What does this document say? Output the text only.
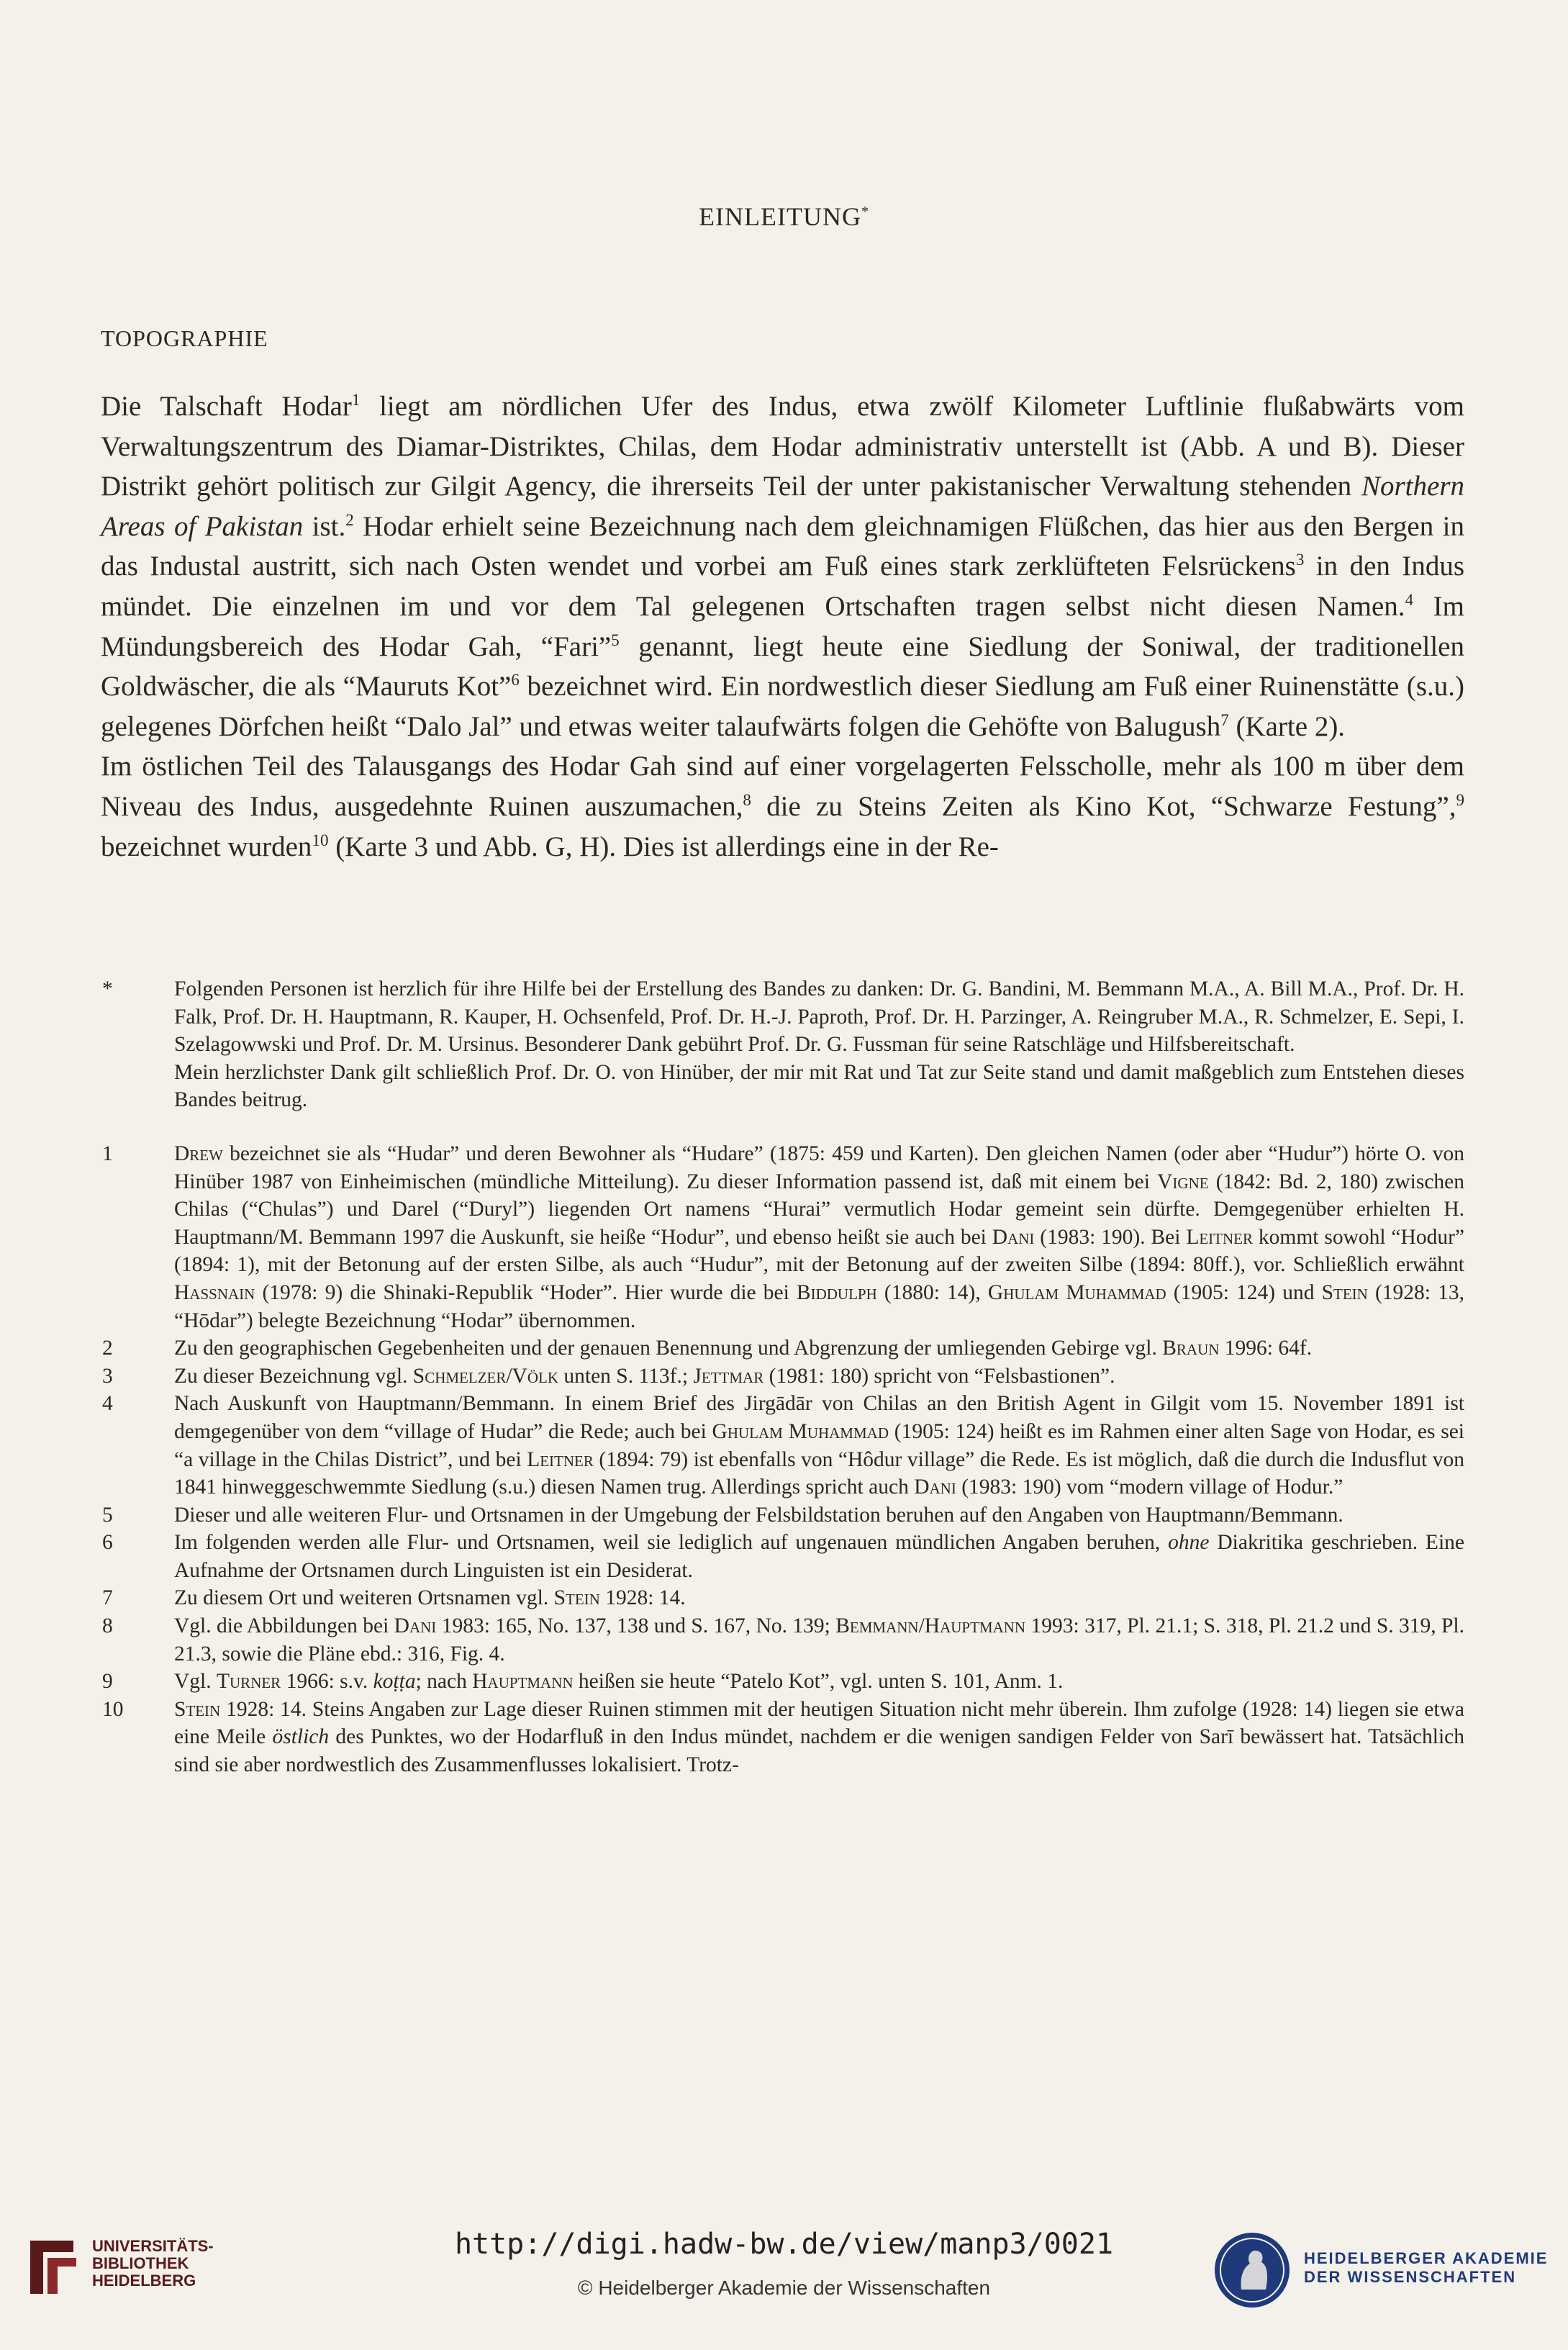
EINLEITUNG*
TOPOGRAPHIE

Die Talschaft Hodar$^1$ liegt am nördlichen Ufer des Indus, etwa zwölf Kilometer Luftlinie flußabwärts vom Verwaltungszentrum des Diamar-Distriktes, Chilas, dem Hodar administrativ unterstellt ist (Abb. A und B). Dieser Distrikt gehört politisch zur Gilgit Agency, die ihrerseits Teil der unter pakistanischer Verwaltung stehenden Northern Areas of Pakistan ist.$^2$ Hodar erhielt seine Bezeichnung nach dem gleichnamigen Flüßchen, das hier aus den Bergen in das Industal austritt, sich nach Osten wendet und vorbei am Fuß eines stark zerklüfteten Felsrückens$^3$ in den Indus mündet. Die einzelnen im und vor dem Tal gelegenen Ortschaften tragen selbst nicht diesen Namen.$^4$ Im Mündungsbereich des Hodar Gah, “Fari”$^5$ genannt, liegt heute eine Siedlung der Soniwal, der traditionellen Goldwäscher, die als “Mauruts Kot”$^6$ bezeichnet wird. Ein nordwestlich dieser Siedlung am Fuß einer Ruinenstätte (s.u.) gelegenes Dörfchen heißt “Dalo Jal” und etwas weiter talaufwärts folgen die Gehöfte von Balugush$^7$ (Karte 2).

Im östlichen Teil des Talausgangs des Hodar Gah sind auf einer vorgelagerten Felsscholle, mehr als 100 m über dem Niveau des Indus, ausgedehnte Ruinen auszumachen,$^8$ die zu Steins Zeiten als Kino Kot, “Schwarze Festung”,$^9$ bezeichnet wurden$^{10}$ (Karte 3 und Abb. G, H). Dies ist allerdings eine in der Re-

*	Folgenden Personen ist herzlich für ihre Hilfe bei der Erstellung des Bandes zu danken: Dr. G. Bandini, M. Bemmann M.A., A. Bill M.A., Prof. Dr. H. Falk, Prof. Dr. H. Hauptmann, R. Kauper, H. Ochsenfeld, Prof. Dr. H.-J. Paproth, Prof. Dr. H. Parzinger, A. Reingruber M.A., R. Schmelzer, E. Sepi, I. Szelagowwski und Prof. Dr. M. Ursinus. Besonderer Dank gebührt Prof. Dr. G. Fussman für seine Ratschläge und Hilfsbereitschaft.
Mein herzlichster Dank gilt schließlich Prof. Dr. O. von Hinüber, der mir mit Rat und Tat zur Seite stand und damit maßgeblich zum Entstehen dieses Bandes beitrug.
1	Drew bezeichnet sie als “Hudar” und deren Bewohner als “Hudare” (1875: 459 und Karten). Den gleichen Namen (oder aber “Hudur”) hörte O. von Hinüber 1987 von Einheimischen (mündliche Mitteilung). Zu dieser Information passend ist, daß mit einem bei Vigne (1842: Bd. 2, 180) zwischen Chilas (“Chulas”) und Darel (“Duryl”) liegenden Ort namens “Hurai” vermutlich Hodar gemeint sein dürfte. Demgegenüber erhielten H. Hauptmann/M. Bemmann 1997 die Auskunft, sie heiße “Hodur”, und ebenso heißt sie auch bei Dani (1983: 190). Bei Leitner kommt sowohl “Hodur” (1894: 1), mit der Betonung auf der ersten Silbe, als auch “Hudur”, mit der Betonung auf der zweiten Silbe (1894: 80ff.), vor. Schließlich erwähnt Hassnain (1978: 9) die Shinaki-Republik “Hoder”. Hier wurde die bei Biddulph (1880: 14), Ghulam Muhammad (1905: 124) und Stein (1928: 13, “Hōdar”) belegte Bezeichnung “Hodar” übernommen.
2	Zu den geographischen Gegebenheiten und der genauen Benennung und Abgrenzung der umliegenden Gebirge vgl. Braun 1996: 64f.
3	Zu dieser Bezeichnung vgl. Schmelzer/Völk unten S. 113f.; Jettmar (1981: 180) spricht von “Felsbastionen”.
4	Nach Auskunft von Hauptmann/Bemmann. In einem Brief des Jirgādār von Chilas an den British Agent in Gilgit vom 15. November 1891 ist demgegenüber von dem “village of Hudar” die Rede; auch bei Ghulam Muhammad (1905: 124) heißt es im Rahmen einer alten Sage von Hodar, es sei “a village in the Chilas District”, und bei Leitner (1894: 79) ist ebenfalls von “Hôdur village” die Rede. Es ist möglich, daß die durch die Indusflut von 1841 hinweggeschwemmte Siedlung (s.u.) diesen Namen trug. Allerdings spricht auch Dani (1983: 190) vom “modern village of Hodur.”
5	Dieser und alle weiteren Flur- und Ortsnamen in der Umgebung der Felsbildstation beruhen auf den Angaben von Hauptmann/Bemmann.
6	Im folgenden werden alle Flur- und Ortsnamen, weil sie lediglich auf ungenauen mündlichen Angaben beruhen, ohne Diakritika geschrieben. Eine Aufnahme der Ortsnamen durch Linguisten ist ein Desiderat.
7	Zu diesem Ort und weiteren Ortsnamen vgl. Stein 1928: 14.
8	Vgl. die Abbildungen bei Dani 1983: 165, No. 137, 138 und S. 167, No. 139; Bemmann/Hauptmann 1993: 317, Pl. 21.1; S. 318, Pl. 21.2 und S. 319, Pl. 21.3, sowie die Pläne ebd.: 316, Fig. 4.
9	Vgl. Turner 1966: s.v. koṭṭa; nach Hauptmann heißen sie heute “Patelo Kot”, vgl. unten S. 101, Anm. 1.
10	Stein 1928: 14. Steins Angaben zur Lage dieser Ruinen stimmen mit der heutigen Situation nicht mehr überein. Ihm zufolge (1928: 14) liegen sie etwa eine Meile östlich des Punktes, wo der Hodarfluß in den Indus mündet, nachdem er die wenigen sandigen Felder von Sarī bewässert hat. Tatsächlich sind sie aber nordwestlich des Zusammenflusses lokalisiert. Trotz-
UNIVERSITÄTS-
BIBLIOTHEK
HEIDELBERG
http://digi.hadw-bw.de/view/manp3/0021
© Heidelberger Akademie der Wissenschaften
HEIDELBERGER AKADEMIE
DER WISSENSCHAFTEN
